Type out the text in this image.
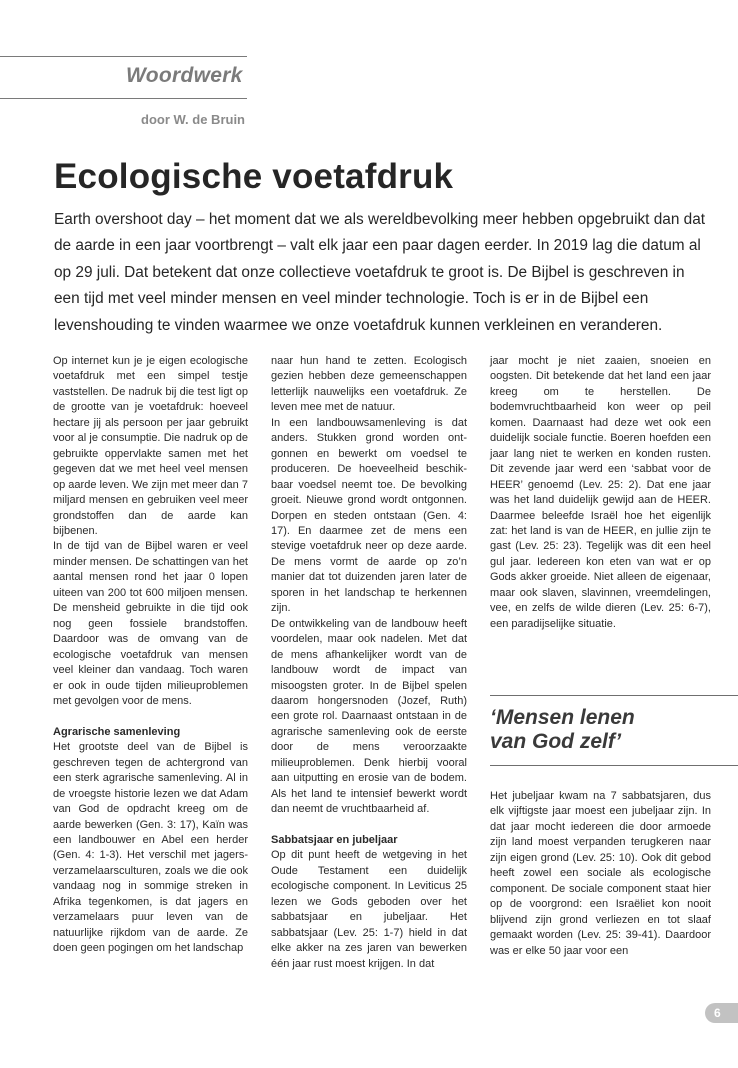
Woordwerk
door W. de Bruin
Ecologische voetafdruk

Earth overshoot day – het moment dat we als wereldbevolking meer hebben opgebruikt dan dat de aarde in een jaar voortbrengt – valt elk jaar een paar dagen eerder. In 2019 lag die datum al op 29 juli. Dat betekent dat onze collectieve voetafdruk te groot is. De Bijbel is geschreven in een tijd met veel minder mensen en veel minder technologie. Toch is er in de Bijbel een levenshouding te vinden waarmee we onze voetafdruk kunnen verkleinen en veranderen.

Op internet kun je je eigen ecologische voetafdruk met een simpel testje vaststellen. De nadruk bij die test ligt op de grootte van je voetafdruk: hoeveel hectare jij als persoon per jaar gebruikt voor al je consumptie. Die nadruk op de gebruikte oppervlakte samen met het gegeven dat we met heel veel mensen op aarde leven. We zijn met meer dan 7 miljard mensen en gebruiken veel meer grondstoffen dan de aarde kan bijbenen.

In de tijd van de Bijbel waren er veel minder mensen. De schattingen van het aantal mensen rond het jaar 0 lopen uiteen van 200 tot 600 miljoen mensen. De mensheid gebruikte in die tijd ook nog geen fossiele brandstoffen. Daardoor was de omvang van de ecologische voetafdruk van mensen veel kleiner dan vandaag. Toch waren er ook in oude tijden milieuproblemen met gevolgen voor de mens.

Agrarische samenleving

Het grootste deel van de Bijbel is geschreven tegen de achtergrond van een sterk agrarische samenleving. Al in de vroegste historie lezen we dat Adam van God de opdracht kreeg om de aarde bewerken (Gen. 3: 17), Kaïn was een landbouwer en Abel een herder (Gen. 4: 1-3). Het verschil met jagers- verzamelaarsculturen, zoals we die ook vandaag nog in sommige streken in Afrika tegenkomen, is dat jagers en verzamelaars puur leven van de natuurlijke rijkdom van de aarde. Ze doen geen pogingen om het landschap

naar hun hand te zetten. Ecologisch gezien hebben deze gemeenschappen letterlijk nauwelijks een voetafdruk. Ze leven mee met de natuur.

In een landbouwsamenleving is dat anders. Stukken grond worden ontgonnen en bewerkt om voedsel te produceren. De hoeveelheid beschikbaar voedsel neemt toe. De bevolking groeit. Nieuwe grond wordt ontgonnen. Dorpen en steden ontstaan (Gen. 4: 17). En daarmee zet de mens een stevige voetafdruk neer op deze aarde. De mens vormt de aarde op zo’n manier dat tot duizenden jaren later de sporen in het landschap te herkennen zijn.

De ontwikkeling van de landbouw heeft voordelen, maar ook nadelen. Met dat de mens afhankelijker wordt van de landbouw wordt de impact van misoogsten groter. In de Bijbel spelen daarom hongersnoden (Jozef, Ruth) een grote rol. Daarnaast ontstaan in de agrarische samenleving ook de eerste door de mens veroorzaakte milieuproblemen. Denk hierbij vooral aan uitputting en erosie van de bodem. Als het land te intensief bewerkt wordt dan neemt de vruchtbaarheid af.

Sabbatsjaar en jubeljaar

Op dit punt heeft de wetgeving in het Oude Testament een duidelijk ecologische component. In Leviticus 25 lezen we Gods geboden over het sabbatsjaar en jubeljaar. Het sabbatsjaar (Lev. 25: 1-7) hield in dat elke akker na zes jaren van bewerken één jaar rust moest krijgen. In dat

jaar mocht je niet zaaien, snoeien en oogsten. Dit betekende dat het land een jaar kreeg om te herstellen. De bodemvruchtbaarheid kon weer op peil komen. Daarnaast had deze wet ook een duidelijk sociale functie. Boeren hoefden een jaar lang niet te werken en konden rusten. Dit zevende jaar werd een ‘sabbat voor de HEER’ genoemd (Lev. 25: 2). Dat ene jaar was het land duidelijk gewijd aan de HEER. Daarmee beleefde Israël hoe het eigenlijk zat: het land is van de HEER, en jullie zijn te gast (Lev. 25: 23). Tegelijk was dit een heel gul jaar. Iedereen kon eten van wat er op Gods akker groeide. Niet alleen de eigenaar, maar ook slaven, slavinnen, vreemdelingen, vee, en zelfs de wilde dieren (Lev. 25: 6-7), een paradijselijke situatie.

‘Mensen lenen
van God zelf’

Het jubeljaar kwam na 7 sabbatsjaren, dus elk vijftigste jaar moest een jubeljaar zijn. In dat jaar mocht iedereen die door armoede zijn land moest verpanden terugkeren naar zijn eigen grond (Lev. 25: 10). Ook dit gebod heeft zowel een sociale als ecologische component. De sociale component staat hier op de voorgrond: een Israëliet kon nooit blijvend zijn grond verliezen en tot slaaf gemaakt worden (Lev. 25: 39-41). Daardoor was er elke 50 jaar voor een

6
